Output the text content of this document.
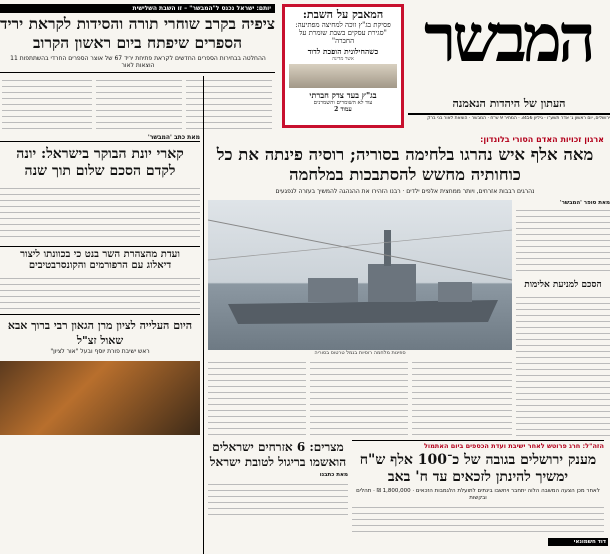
המבשר
העתון של היהדות הנאמנה
ירושלים, יום ראשון ג' אדר תשע"ו · גיליון 3456 · המחיר 9 ש"ח · המבשר · הוצאת לאור בני ברק
המאבק על השבת:
פסיקת בג"ץ זוכה למחיצה מפתיעה: "סגירת עסקים בשבת שומרת על החברה"
כשהחילונית הופכת לדוד
אשר מדינה
בג"ץ בעד צדק חברתי
עוד לא השומרים והשמרנים
עמוד 2
יותם: ישראל נכנס ל"המבשר" – זו השבת השלישית
ציפיה בקרב שוחרי תורה והסידות לקראת יריד הספרים שיפתח ביום ראשון הקרוב
ההחלטה בבחירות הספרים החדשים לקראת פתיחת יריד 67 של אוצר הספרים החרדי בהשתתפות 11 הוצאות לאור
מאת כתב 'המבשר'
קארי יונת הבוקר בישראל: יונה לקדם הסכם שלום תוך שנה
ועדת מהצהרת השר בנט כי בכוונתו ליצור
דיאלוג עם הרפורמים והקונסרבטיבים
היום העלייה לציון מרן הגאון רבי ברוך אבא שאול זצ"ל
ראש ישיבת פורת יוסף ובעל "אור לציון"
ארגון זכויות האדם הסורי בלונדון:
מאה אלף איש נהרגו בלחימה בסוריה; רוסיה פינתה את כל כוחותיה מחשש להסתבכות במלחמה
נהרגים רבבות אזרחים, ויותר ממחצית אלפים ילדים · רבנו הזהירו את ההנהגה להמשיך בעזרה לנפגעים
ספינות מלחמה רוסיות בנמל טרטוס בסוריה
מאת סופר 'המבשר'
הסכם למניעת אלימות
מצרים: 6 אזרחים ישראלים הואשמו בריגול לטובת ישראל
מאת כתבנו
הזה"ל: חרג פרוטש לאחר ישיבת ועדת הכספים ביום האתמול
מענק ירושלים בגובה של כ־100 אלף ש"ח ימשיך להינתן לזכאים עד ח' באב
לאחר מכן הצעה המשבה הלוה יתחבר ויחשבו בינתים לתועלת הלגמבות הזכאים · 1,800,000 ₪ · תהלים ובקשות
דוד חשמונאי
